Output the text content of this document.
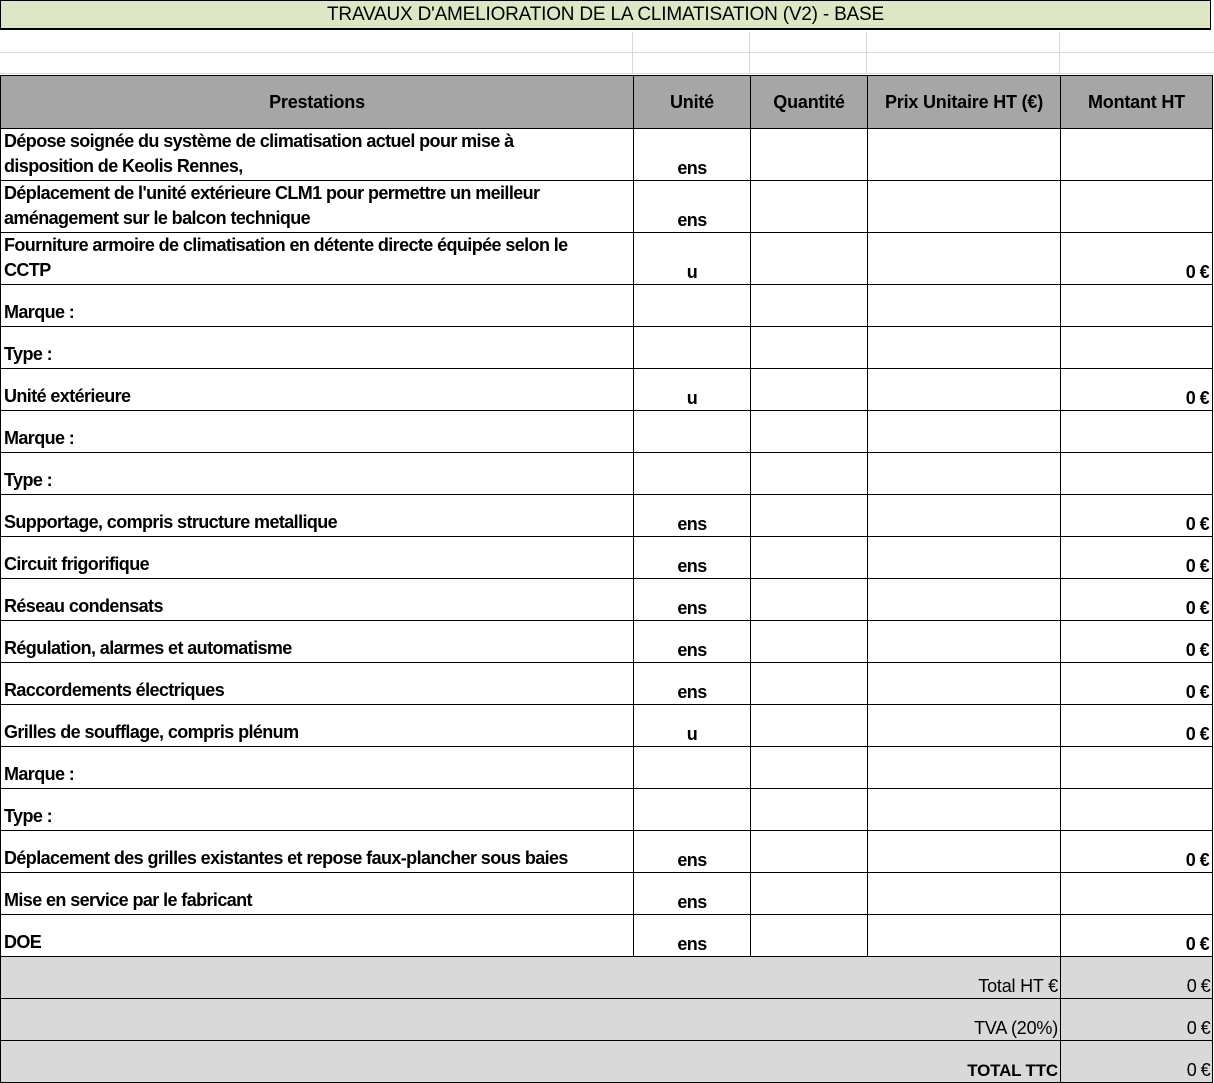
TRAVAUX D'AMELIORATION DE LA CLIMATISATION (V2) - BASE
Prestations	Unité	Quantité	Prix Unitaire HT (€)	Montant HT
Dépose soignée du système de climatisation actuel pour mise à
disposition de Keolis Rennes,	ens			
Déplacement de l'unité extérieure CLM1 pour permettre un meilleur
aménagement sur le balcon technique	ens			
Fourniture armoire de climatisation en détente directe équipée selon le
CCTP	u			0 €
Marque :				
Type :				
Unité extérieure	u			0 €
Marque :				
Type :				
Supportage, compris structure metallique	ens			0 €
Circuit frigorifique	ens			0 €
Réseau condensats	ens			0 €
Régulation, alarmes et automatisme	ens			0 €
Raccordements électriques	ens			0 €
Grilles de soufflage, compris plénum	u			0 €
Marque :				
Type :				
Déplacement des grilles existantes et repose faux-plancher sous baies	ens			0 €
Mise en service par le fabricant	ens			
DOE	ens			0 €
Total HT €				0 €
TVA (20%)				0 €
TOTAL TTC				0 €
